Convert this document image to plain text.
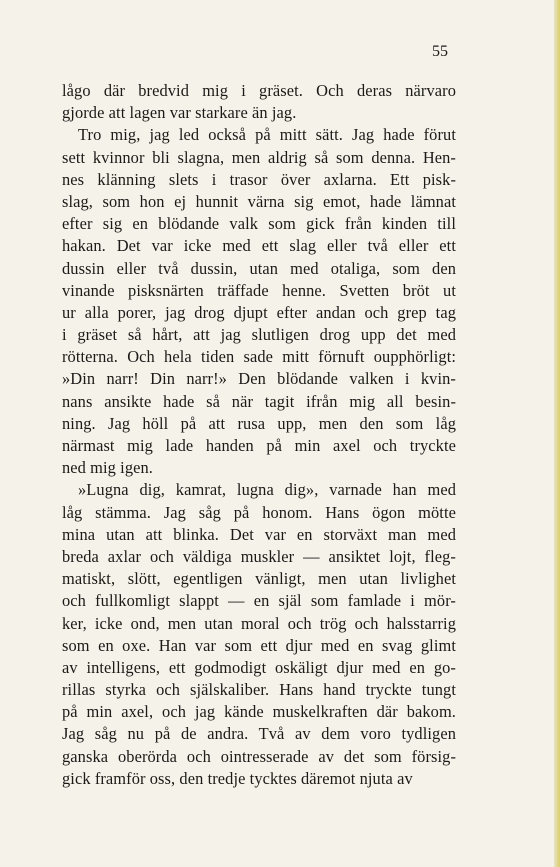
55
lågo där bredvid mig i gräset. Och deras närvaro
gjorde att lagen var starkare än jag.
Tro mig, jag led också på mitt sätt. Jag hade förut
sett kvinnor bli slagna, men aldrig så som denna. Hen-
nes klänning slets i trasor över axlarna. Ett pisk-
slag, som hon ej hunnit värna sig emot, hade lämnat
efter sig en blödande valk som gick från kinden till
hakan. Det var icke med ett slag eller två eller ett
dussin eller två dussin, utan med otaliga, som den
vinande pisksnärten träffade henne. Svetten bröt ut
ur alla porer, jag drog djupt efter andan och grep tag
i gräset så hårt, att jag slutligen drog upp det med
rötterna. Och hela tiden sade mitt förnuft oupphörligt:
»Din narr! Din narr!» Den blödande valken i kvin-
nans ansikte hade så när tagit ifrån mig all besin-
ning. Jag höll på att rusa upp, men den som låg
närmast mig lade handen på min axel och tryckte
ned mig igen.
»Lugna dig, kamrat, lugna dig», varnade han med
låg stämma. Jag såg på honom. Hans ögon mötte
mina utan att blinka. Det var en storväxt man med
breda axlar och väldiga muskler — ansiktet lojt, fleg-
matiskt, slött, egentligen vänligt, men utan livlighet
och fullkomligt slappt — en själ som famlade i mör-
ker, icke ond, men utan moral och trög och halsstarrig
som en oxe. Han var som ett djur med en svag glimt
av intelligens, ett godmodigt oskäligt djur med en go-
rillas styrka och själskaliber. Hans hand tryckte tungt
på min axel, och jag kände muskelkraften där bakom.
Jag såg nu på de andra. Två av dem voro tydligen
ganska oberörda och ointresserade av det som försig-
gick framför oss, den tredje tycktes däremot njuta av
